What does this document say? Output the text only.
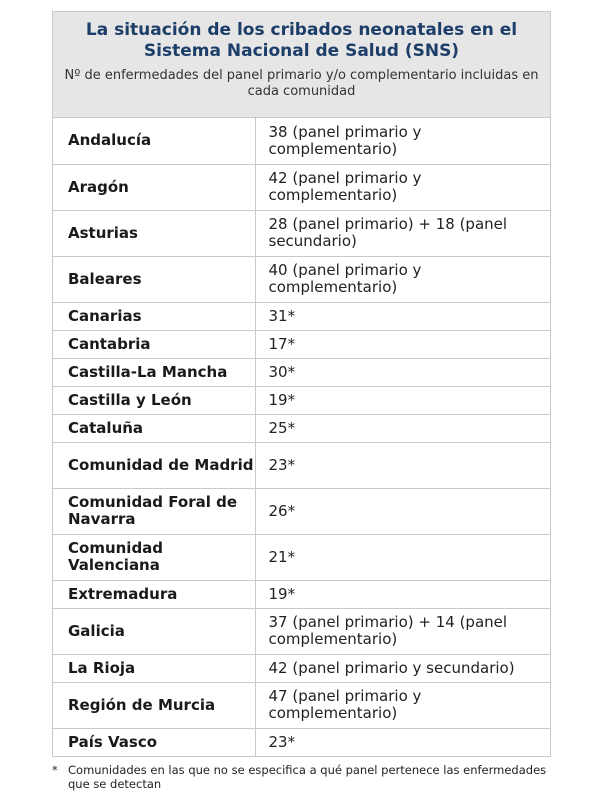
La situación de los cribados neonatales en el Sistema Nacional de Salud (SNS)
Nº de enfermedades del panel primario y/o complementario incluidas en cada comunidad
Andalucía	38 (panel primario y complementario)
Aragón	42 (panel primario y complementario)
Asturias	28 (panel primario) + 18 (panel secundario)
Baleares	40 (panel primario y complementario)
Canarias	31*
Cantabria	17*
Castilla-La Mancha	30*
Castilla y León	19*
Cataluña	25*
Comunidad de Madrid	23*
Comunidad Foral de Navarra	26*
Comunidad Valenciana	21*
Extremadura	19*
Galicia	37 (panel primario) + 14 (panel complementario)
La Rioja	42 (panel primario y secundario)
Región de Murcia	47 (panel primario y complementario)
País Vasco	23*
* Comunidades en las que no se especifica a qué panel pertenece las enfermedades que se detectan
